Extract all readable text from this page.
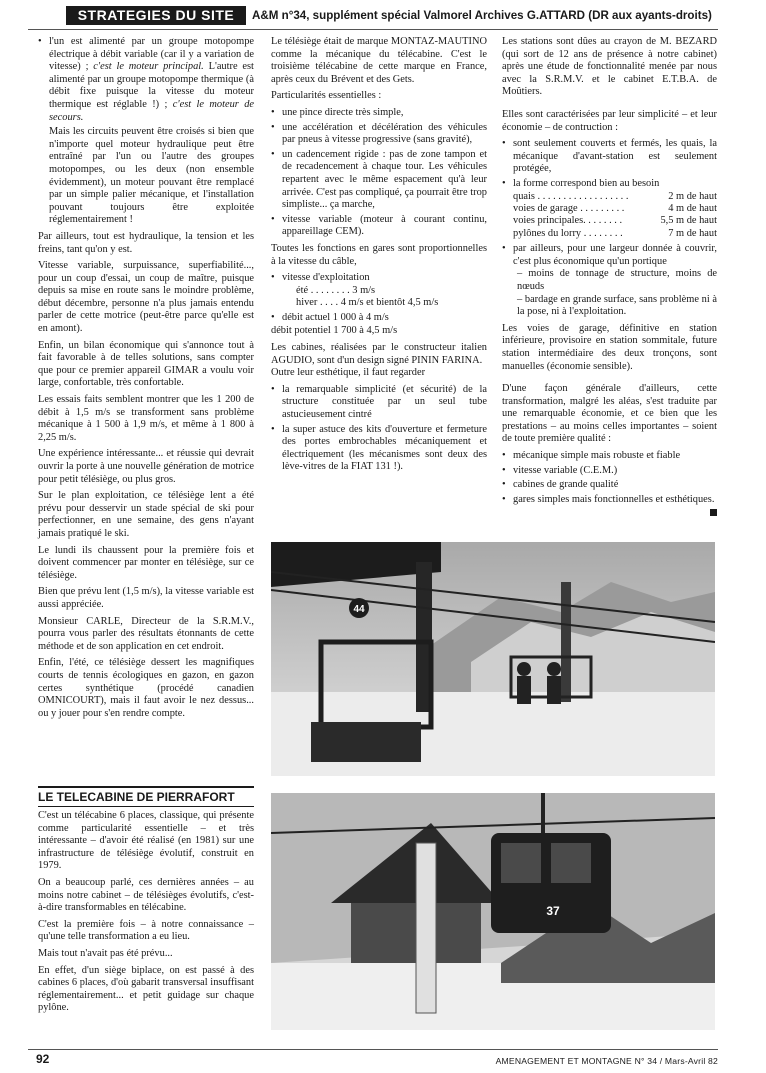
STRATEGIES DU SITE	A&M n°34, supplément spécial Valmorel Archives G.ATTARD (DR aux ayants-droits)
• l'un est alimenté par un groupe motopompe électrique à débit variable (car il y a variation de vitesse) ; c'est le moteur principal. L'autre est alimenté par un groupe motopompe thermique (à débit fixe puisque la vitesse du moteur thermique est réglable !) ; c'est le moteur de secours.
Mais les circuits peuvent être croisés si bien que n'importe quel moteur hydraulique peut être entraîné par l'un ou l'autre des groupes motopompes, ou les deux (non ensemble évidemment), un moteur pouvant être remplacé par un simple palier mécanique, et l'installation pouvant toujours être exploitée réglementairement !

Par ailleurs, tout est hydraulique, la tension et les freins, tant qu'on y est.

Vitesse variable, surpuissance, superfiabilité..., pour un coup d'essai, un coup de maître, puisque depuis sa mise en route sans le moindre problème, début décembre, personne n'a plus jamais entendu parler de cette motrice (peut-être parce qu'elle est en amont).

Enfin, un bilan économique qui s'annonce tout à fait favorable à de telles solutions, sans compter que pour ce premier appareil GIMAR a voulu voir large, confortable, très confortable.

Les essais faits semblent montrer que les 1 200 de débit à 1,5 m/s se transforment sans problème mécanique à 1 500 à 1,9 m/s, et même à 1 800 à 2,25 m/s.

Une expérience intéressante... et réussie qui devrait ouvrir la porte à une nouvelle génération de motrice pour petit télésiège, ou plus gros.

Sur le plan exploitation, ce télésiège lent a été prévu pour desservir un stade spécial de ski pour perfectionner, en une semaine, des gens n'ayant jamais pratiqué le ski.

Le lundi ils chaussent pour la première fois et doivent commencer par monter en télésiège, sur ce télésiège.

Bien que prévu lent (1,5 m/s), la vitesse variable est aussi appréciée.

Monsieur CARLE, Directeur de la S.R.M.V., pourra vous parler des résultats étonnants de cette méthode et de son application en cet endroit.

Enfin, l'été, ce télésiège dessert les magnifiques courts de tennis écologiques en gazon, en gazon certes synthétique (procédé canadien OMNICOURT), mais il faut avoir le nez dessus... ou y jouer pour s'en rendre compte.

LE TELECABINE DE PIERRAFORT

C'est un télécabine 6 places, classique, qui présente comme particularité essentielle – et très intéressante – d'avoir été réalisé (en 1981) sur une infrastructure de télésiège évolutif, construit en 1979.

On a beaucoup parlé, ces dernières années – au moins notre cabinet – de télésièges évolutifs, c'est-à-dire transformables en télécabine.

C'est la première fois – à notre connaissance – qu'une telle transformation a eu lieu.

Mais tout n'avait pas été prévu...

En effet, d'un siège biplace, on est passé à des cabines 6 places, d'où gabarit transversal insuffisant réglementairement... et petit guidage sur chaque pylône.

Le télésiège était de marque MONTAZ-MAUTINO comme la mécanique du télécabine. C'est le troisième télécabine de cette marque en France, après ceux du Brévent et des Gets.

Particularités essentielles :

• une pince directe très simple,
• une accélération et décélération des véhicules par pneus à vitesse progressive (sans gravité),
• un cadencement rigide : pas de zone tampon et de recadencement à chaque tour. Les véhicules repartent avec le même espacement qu'à leur arrivée. C'est pas compliqué, ça pourrait être trop simpliste... ça marche,
• vitesse variable (moteur à courant continu, appareillage CEM).

Toutes les fonctions en gares sont proportionnelles à la vitesse du câble,

• vitesse d'exploitation
été . . . . . . . . 3 m/s
hiver . . . . 4 m/s et bientôt 4,5 m/s
• débit actuel 1 000 à 4 m/s

débit potentiel 1 700 à 4,5 m/s

Les cabines, réalisées par le constructeur italien AGUDIO, sont d'un design signé PININ FARINA.

Outre leur esthétique, il faut regarder

• la remarquable simplicité (et sécurité) de la structure constituée par un seul tube astucieusement cintré
• la super astuce des kits d'ouverture et fermeture des portes embrochables mécaniquement et électriquement (les mécanismes sont deux des lève-vitres de la FIAT 131 !).

Les stations sont dûes au crayon de M. BEZARD (qui sort de 12 ans de présence à notre cabinet) après une étude de fonctionnalité menée par nous avec la S.R.M.V. et le cabinet E.T.B.A. de Moûtiers.

Elles sont caractérisées par leur simplicité – et leur économie – de contruction :

• sont seulement couverts et fermés, les quais, la mécanique d'avant-station est seulement protégée,
• la forme correspond bien au besoin
quais . . . . . . . . . . . . . . . . . .	2 m de haut
voies de garage . . . . . . . . .	4 m de haut
voies principales. . . . . . . .	5,5 m de haut
pylônes du lorry . . . . . . . .	7 m de haut
• par ailleurs, pour une largeur donnée à couvrir, c'est plus économique qu'un portique
– moins de tonnage de structure, moins de nœuds
– bardage en grande surface, sans problème ni à la pose, ni à l'exploitation.

Les voies de garage, définitive en station inférieure, provisoire en station sommitale, future station intermédiaire des deux tronçons, sont manuelles (économie sensible).

D'une façon générale d'ailleurs, cette transformation, malgré les aléas, s'est traduite par une remarquable économie, et ce bien que les prestations – au moins celles importantes – soient de toute première qualité :

• mécanique simple mais robuste et fiable
• vitesse variable (C.E.M.)
• cabines de grande qualité
• gares simples mais fonctionnelles et esthétiques.
44
37
92	AMENAGEMENT ET MONTAGNE N° 34 / Mars-Avril 82
